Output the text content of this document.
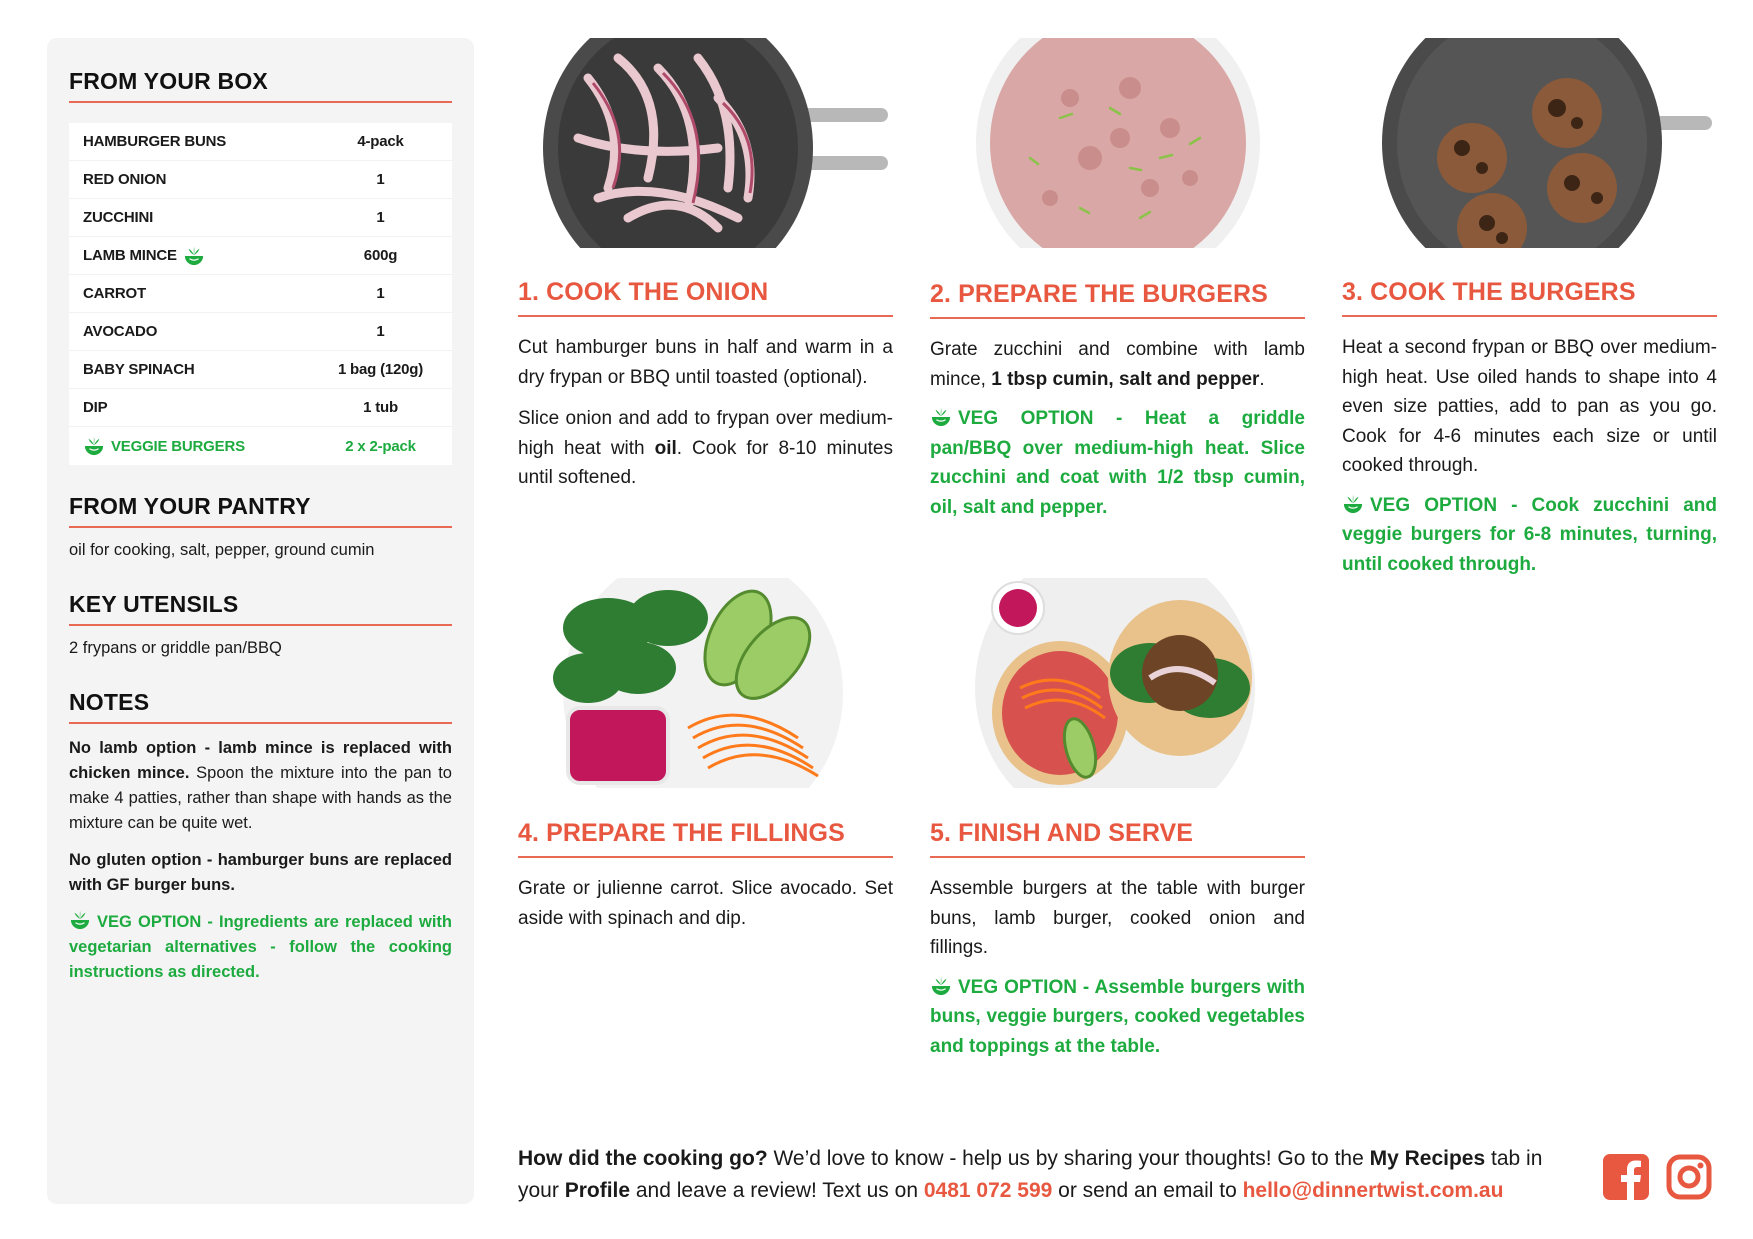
FROM YOUR BOX
HAMBURGER BUNS	4-pack
RED ONION	1
ZUCCHINI	1
LAMB MINCE	600g
CARROT	1
AVOCADO	1
BABY SPINACH	1 bag (120g)
DIP	1 tub
VEGGIE BURGERS	2 x 2-pack
FROM YOUR PANTRY
oil for cooking, salt, pepper, ground cumin
KEY UTENSILS
2 frypans or griddle pan/BBQ
NOTES

No lamb option - lamb mince is replaced with chicken mince. Spoon the mixture into the pan to make 4 patties, rather than shape with hands as the mixture can be quite wet.

No gluten option - hamburger buns are replaced with GF burger buns.

VEG OPTION - Ingredients are replaced with vegetarian alternatives - follow the cooking instructions as directed.

1. COOK THE ONION

Cut hamburger buns in half and warm in a dry frypan or BBQ until toasted (optional).

Slice onion and add to frypan over medium-high heat with oil. Cook for 8-10 minutes until softened.

2. PREPARE THE BURGERS

Grate zucchini and combine with lamb mince, 1 tbsp cumin, salt and pepper.

VEG OPTION - Heat a griddle pan/BBQ over medium-high heat. Slice zucchini and coat with 1/2 tbsp cumin, oil, salt and pepper.

3. COOK THE BURGERS

Heat a second frypan or BBQ over medium-high heat. Use oiled hands to shape into 4 even size patties, add to pan as you go. Cook for 4-6 minutes each size or until cooked through.

VEG OPTION - Cook zucchini and veggie burgers for 6-8 minutes, turning, until cooked through.

4. PREPARE THE FILLINGS

Grate or julienne carrot. Slice avocado. Set aside with spinach and dip.

5. FINISH AND SERVE

Assemble burgers at the table with burger buns, lamb burger, cooked onion and fillings.

VEG OPTION - Assemble burgers with buns, veggie burgers, cooked vegetables and toppings at the table.

How did the cooking go? We’d love to know - help us by sharing your thoughts! Go to the My Recipes tab in your Profile and leave a review! Text us on 0481 072 599 or send an email to hello@dinnertwist.com.au
